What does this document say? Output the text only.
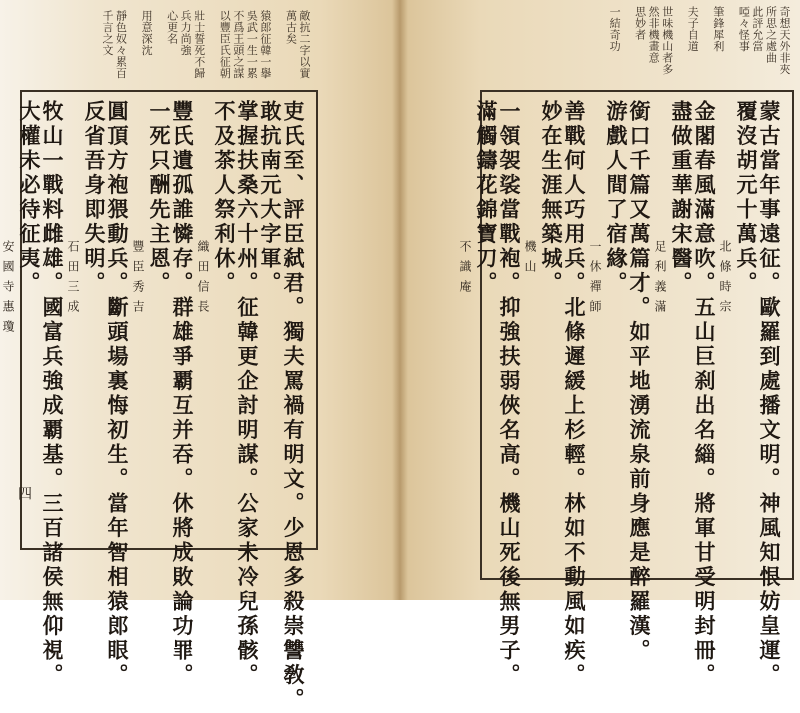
敵抗二字以實
萬古矣
猿郎征韓一擧
吳武一生一累
不爲王頭之謀
以豐臣氏征朝
壯士誓死不歸
兵力尚強
心更名
用意深沈
靜色奴々累百
千言之文
吏氏至、評臣弑君。獨夫罵禍有明文。少恩多殺崇讐敎。
敢抗南元大字軍。
掌握扶桑六十州。征韓更企討明謀。公家未冷兒孫骸。
不及茶人祭利休。
織田信長
豐氏遺孤誰憐存。群雄爭覇互并吞。休將成敗論功罪。
一死只酬先主恩。
豐臣秀吉
圓頂方袍猥動兵。斷頭場裏悔初生。當年智相猿郎眼。
反省吾身即失明。
石田三成
牧山一戰料雌雄。國富兵強成覇基。三百諸侯無仰視。
大權未必待征夷。
安國寺惠瓊
四
奇想天外非夾
所思之處曲
此評允當
啞々怪事
筆鋒犀利
夫子自道
世味機山者多
然非機畫意
思妙者
一結奇功
蒙古當年事遠征。歐羅到處播文明。神風知恨妨皇運。
覆沒胡元十萬兵。
北條時宗
金閣春風滿意吹。五山巨刹出名緇。將軍甘受明封冊。
盡做重華謝宋醫。
足利義滿
銜口千篇又萬篇才。如平地湧流泉前身應是醉羅漢。
游戲人間了宿緣。
一休禪師
善戰何人巧用兵。北條遲緩上杉輕。林如不動風如疾。
妙在生涯無築城。
機山
一領袈裟當戰袍。抑強扶弱俠名高。機山死後無男子。
滿觸鑄花錦寶刀。
不識庵
